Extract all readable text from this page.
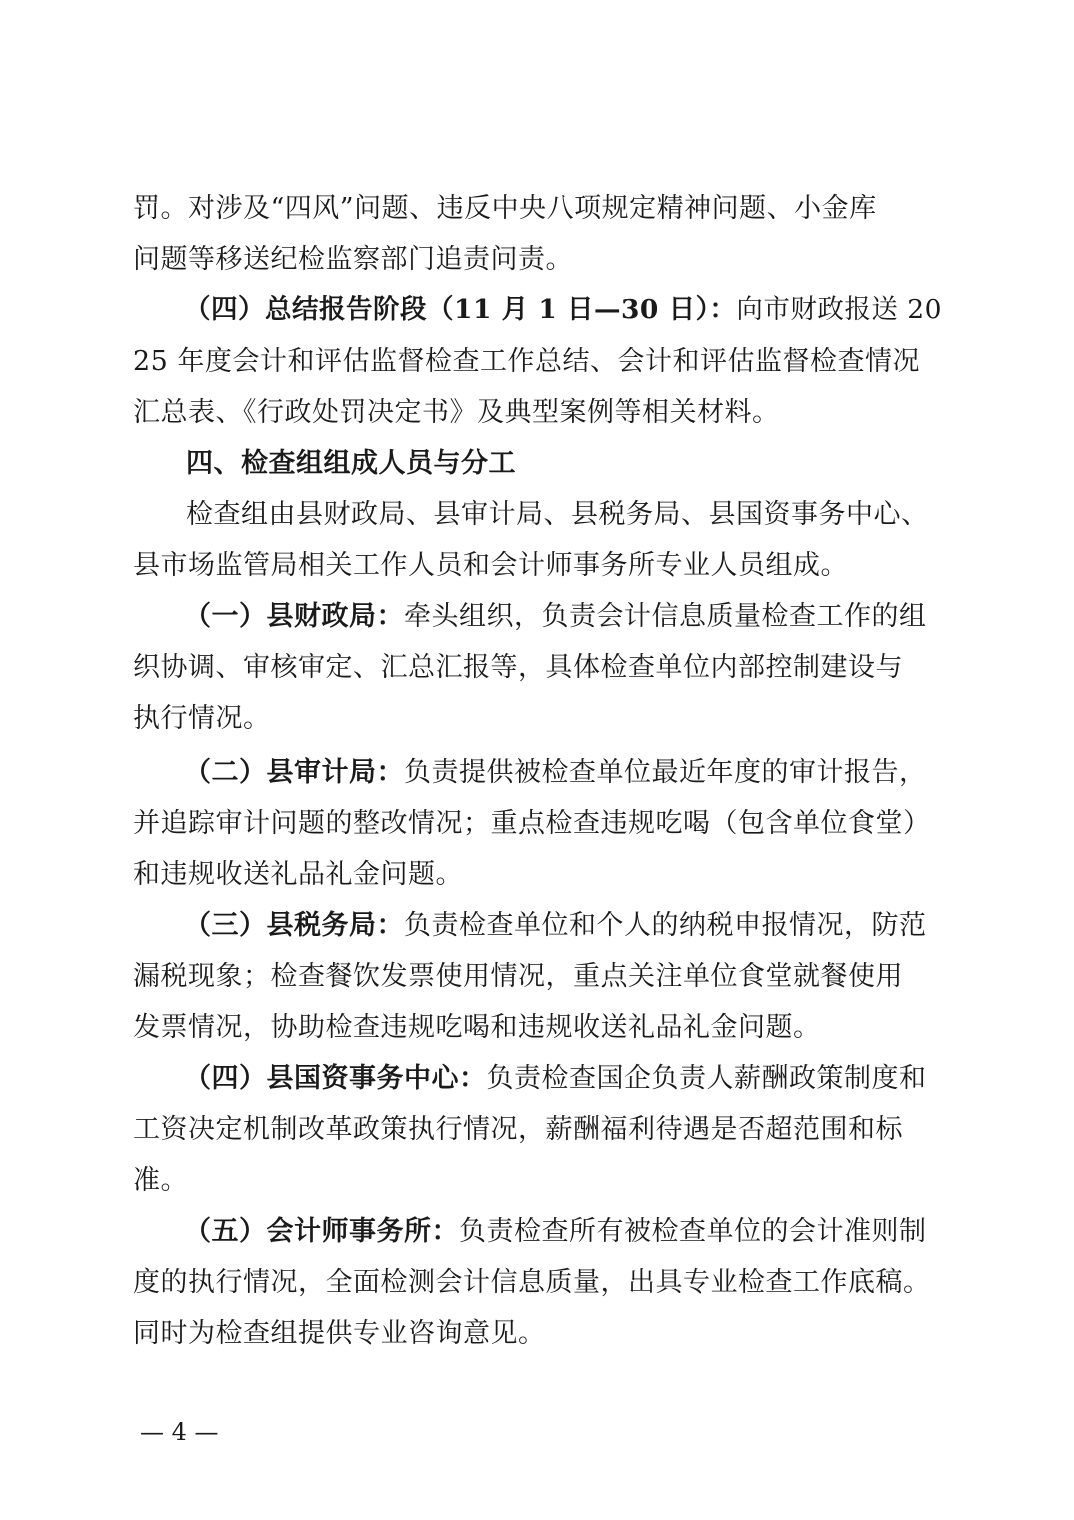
罚。对涉及“四风”问题、违反中央八项规定精神问题、小金库
问题等移送纪检监察部门追责问责。
（四）总结报告阶段（11 月 1 日—30 日）：向市财政报送 20
25 年度会计和评估监督检查工作总结、会计和评估监督检查情况
汇总表、《行政处罚决定书》及典型案例等相关材料。
四、检查组组成人员与分工
检查组由县财政局、县审计局、县税务局、县国资事务中心、
县市场监管局相关工作人员和会计师事务所专业人员组成。
（一）县财政局：牵头组织，负责会计信息质量检查工作的组
织协调、审核审定、汇总汇报等，具体检查单位内部控制建设与
执行情况。
（二）县审计局：负责提供被检查单位最近年度的审计报告，
并追踪审计问题的整改情况；重点检查违规吃喝（包含单位食堂）
和违规收送礼品礼金问题。
（三）县税务局：负责检查单位和个人的纳税申报情况，防范
漏税现象；检查餐饮发票使用情况，重点关注单位食堂就餐使用
发票情况，协助检查违规吃喝和违规收送礼品礼金问题。
（四）县国资事务中心：负责检查国企负责人薪酬政策制度和
工资决定机制改革政策执行情况，薪酬福利待遇是否超范围和标
准。
（五）会计师事务所：负责检查所有被检查单位的会计准则制
度的执行情况，全面检测会计信息质量，出具专业检查工作底稿。
同时为检查组提供专业咨询意见。
— 4 —
